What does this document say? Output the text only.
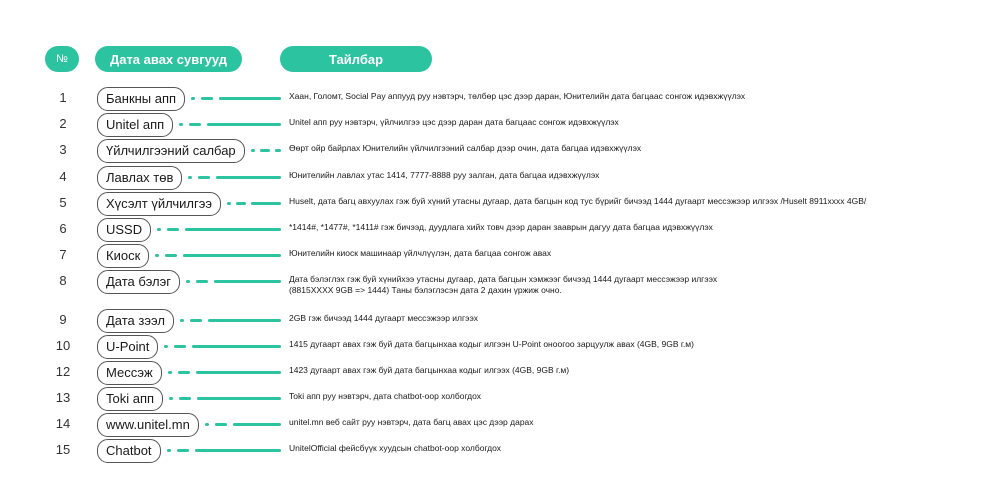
№	Дата авах сувгууд	Тайлбар
1	Банкны апп	Хаан, Голомт, Social Pay аппууд руу нэвтэрч, төлбөр цэс дээр даран, Юнителийн дата багцаас сонгож идэвхжүүлэх
2	Unitel апп	Unitel апп руу нэвтэрч, үйлчилгээ цэс дээр даран дата багцаас сонгож идэвхжүүлэх
3	Үйлчилгээний салбар	Өөрт ойр байрлах Юнителийн үйлчилгээний салбар дээр очин, дата багцаа идэвхжүүлэх
4	Лавлах төв	Юнителийн лавлах утас 1414, 7777-8888 руу залган, дата багцаа идэвхжүүлэх
5	Хүсэлт үйлчилгээ	Huselt, дата багц авхуулах гэж буй хүний утасны дугаар, дата багцын код тус бүрийг бичээд 1444 дугаарт мессэжээр илгээх /Huselt 8911xxxx 4GB/
6	USSD	*1414#, *1477#, *1411# гэж бичээд, дуудлага хийх товч дээр даран зааврын дагуу дата багцаа идэвхжүүлэх
7	Киоск	Юнителийн киоск машинаар үйлчлүүлэн, дата багцаа сонгож авах
8	Дата бэлэг	Дата бэлэглэх гэж буй хүнийхээ утасны дугаар, дата багцын хэмжээг бичээд 1444 дугаарт мессэжээр илгээх
(8815XXXX 9GB => 1444) Таны бэлэглэсэн дата 2 дахин үржиж очно.
9	Дата зээл	2GB гэж бичээд 1444 дугаарт мессэжээр илгээх
10	U-Point	1415 дугаарт авах гэж буй дата багцынхаа кодыг илгээн U-Point оноогоо зарцуулж авах (4GB, 9GB г.м)
12	Мессэж	1423 дугаарт авах гэж буй дата багцынхаа кодыг илгээх (4GB, 9GB г.м)
13	Toki апп	Toki апп руу нэвтэрч, дата chatbot-оор холбогдох
14	www.unitel.mn	unitel.mn веб сайт руу нэвтэрч, дата багц авах цэс дээр дарах
15	Chatbot	UnitelOfficial фейсбүүк хуудсын chatbot-оор холбогдох
